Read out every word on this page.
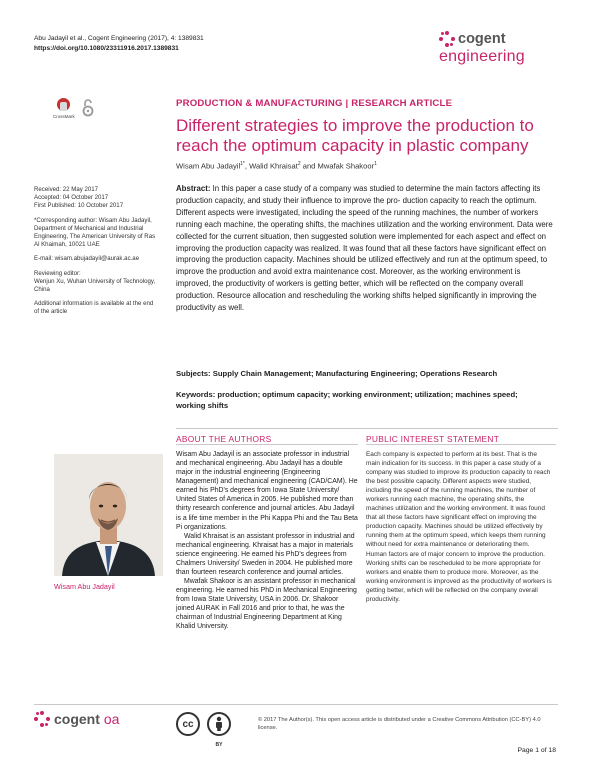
Abu Jadayil et al., Cogent Engineering (2017), 4: 1389831
https://doi.org/10.1080/23311916.2017.1389831
cogent
engineering
CrossMark
PRODUCTION & MANUFACTURING | RESEARCH ARTICLE
Different strategies to improve the production to reach the optimum capacity in plastic company
Wisam Abu Jadayil$^{1*}$, Walid Khraisat$^2$ and Mwafak Shakoor$^1$
Received: 22 May 2017
Accepted: 04 October 2017

First Published: 10 October 2017

*Corresponding author: Wisam Abu Jadayil, Department of Mechanical and Industrial Engineering, The American University of Ras Al Khaimah, 10021 UAE

E-mail: wisam.abujadayil@aurak.ac.ae

Reviewing editor:

Wenjun Xu, Wuhan University of Technology, China

Additional information is available at the end of the article

Abstract: In this paper a case study of a company was studied to determine the main factors affecting its production capacity, and study their influence to improve the pro- duction capacity to reach the optimum. Different aspects were investigated, including the speed of the running machines, the number of workers running each machine, the operating shifts, the machines utilization and the working environment. Data were collected for the current situation, then suggested solution were implemented for each aspect and effect on improving the production capacity was realized. It was found that all these factors have significant effect on improving the production capacity. Machines should be utilized effectively and run at the optimum speed, to improve the production and avoid extra maintenance cost. Moreover, as the working environment is improved, the productivity of workers is getting better, which will be reflected on the company overall production. Resource allocation and rescheduling the working shifts helped significantly in improving the productivity as well.
Subjects: Supply Chain Management; Manufacturing Engineering; Operations Research
Keywords: production; optimum capacity; working environment; utilization; machines speed; working shifts
ABOUT THE AUTHORS
Wisam Abu Jadayil

Wisam Abu Jadayil is an associate professor in industrial and mechanical engineering. Abu Jadayil has a double major in the industrial engineering (Engineering Management) and mechanical engineering (CAD/CAM). He earned his PhD's degrees from Iowa State University/ United States of America in 2005. He published more than thirty research conference and journal articles. Abu Jadayil is a life time member in the Phi Kappa Phi and the Tau Beta Pi organizations.

Walid Khraisat is an assistant professor in industrial and mechanical engineering. Khraisat has a major in materials science engineering. He earned his PhD's degrees from Chalmers University/ Sweden in 2004. He published more than fourteen research conference and journal articles.

Mwafak Shakoor is an assistant professor in mechanical engineering. He earned his PhD in Mechanical Engineering from Iowa State University, USA in 2006. Dr. Shakoor joined AURAK in Fall 2016 and prior to that, he was the chairman of Industrial Engineering Department at King Khalid University.

PUBLIC INTEREST STATEMENT
Each company is expected to perform at its best. That is the main indication for its success. In this paper a case study of a company was studied to improve its production capacity to reach the best possible capacity. Different aspects were studied, including the speed of the running machines, the number of workers running each machine, the operating shifts, the machines utilization and the working environment. It was found that all these factors have significant effect on improving the production capacity. Machines should be utilized effectively by running them at the optimum speed, which keeps them running without need for extra maintenance or deteriorating them. Human factors are of major concern to improve the production. Working shifts can be rescheduled to be more appropriate for workers and enable them to produce more. Moreover, as the working environment is improved as the productivity of workers is getting better, which will be reflected on the company overall productivity.
cogent oa	cc
BY
© 2017 The Author(s). This open access article is distributed under a Creative Commons Attribution (CC-BY) 4.0 license.
Page 1 of 18
